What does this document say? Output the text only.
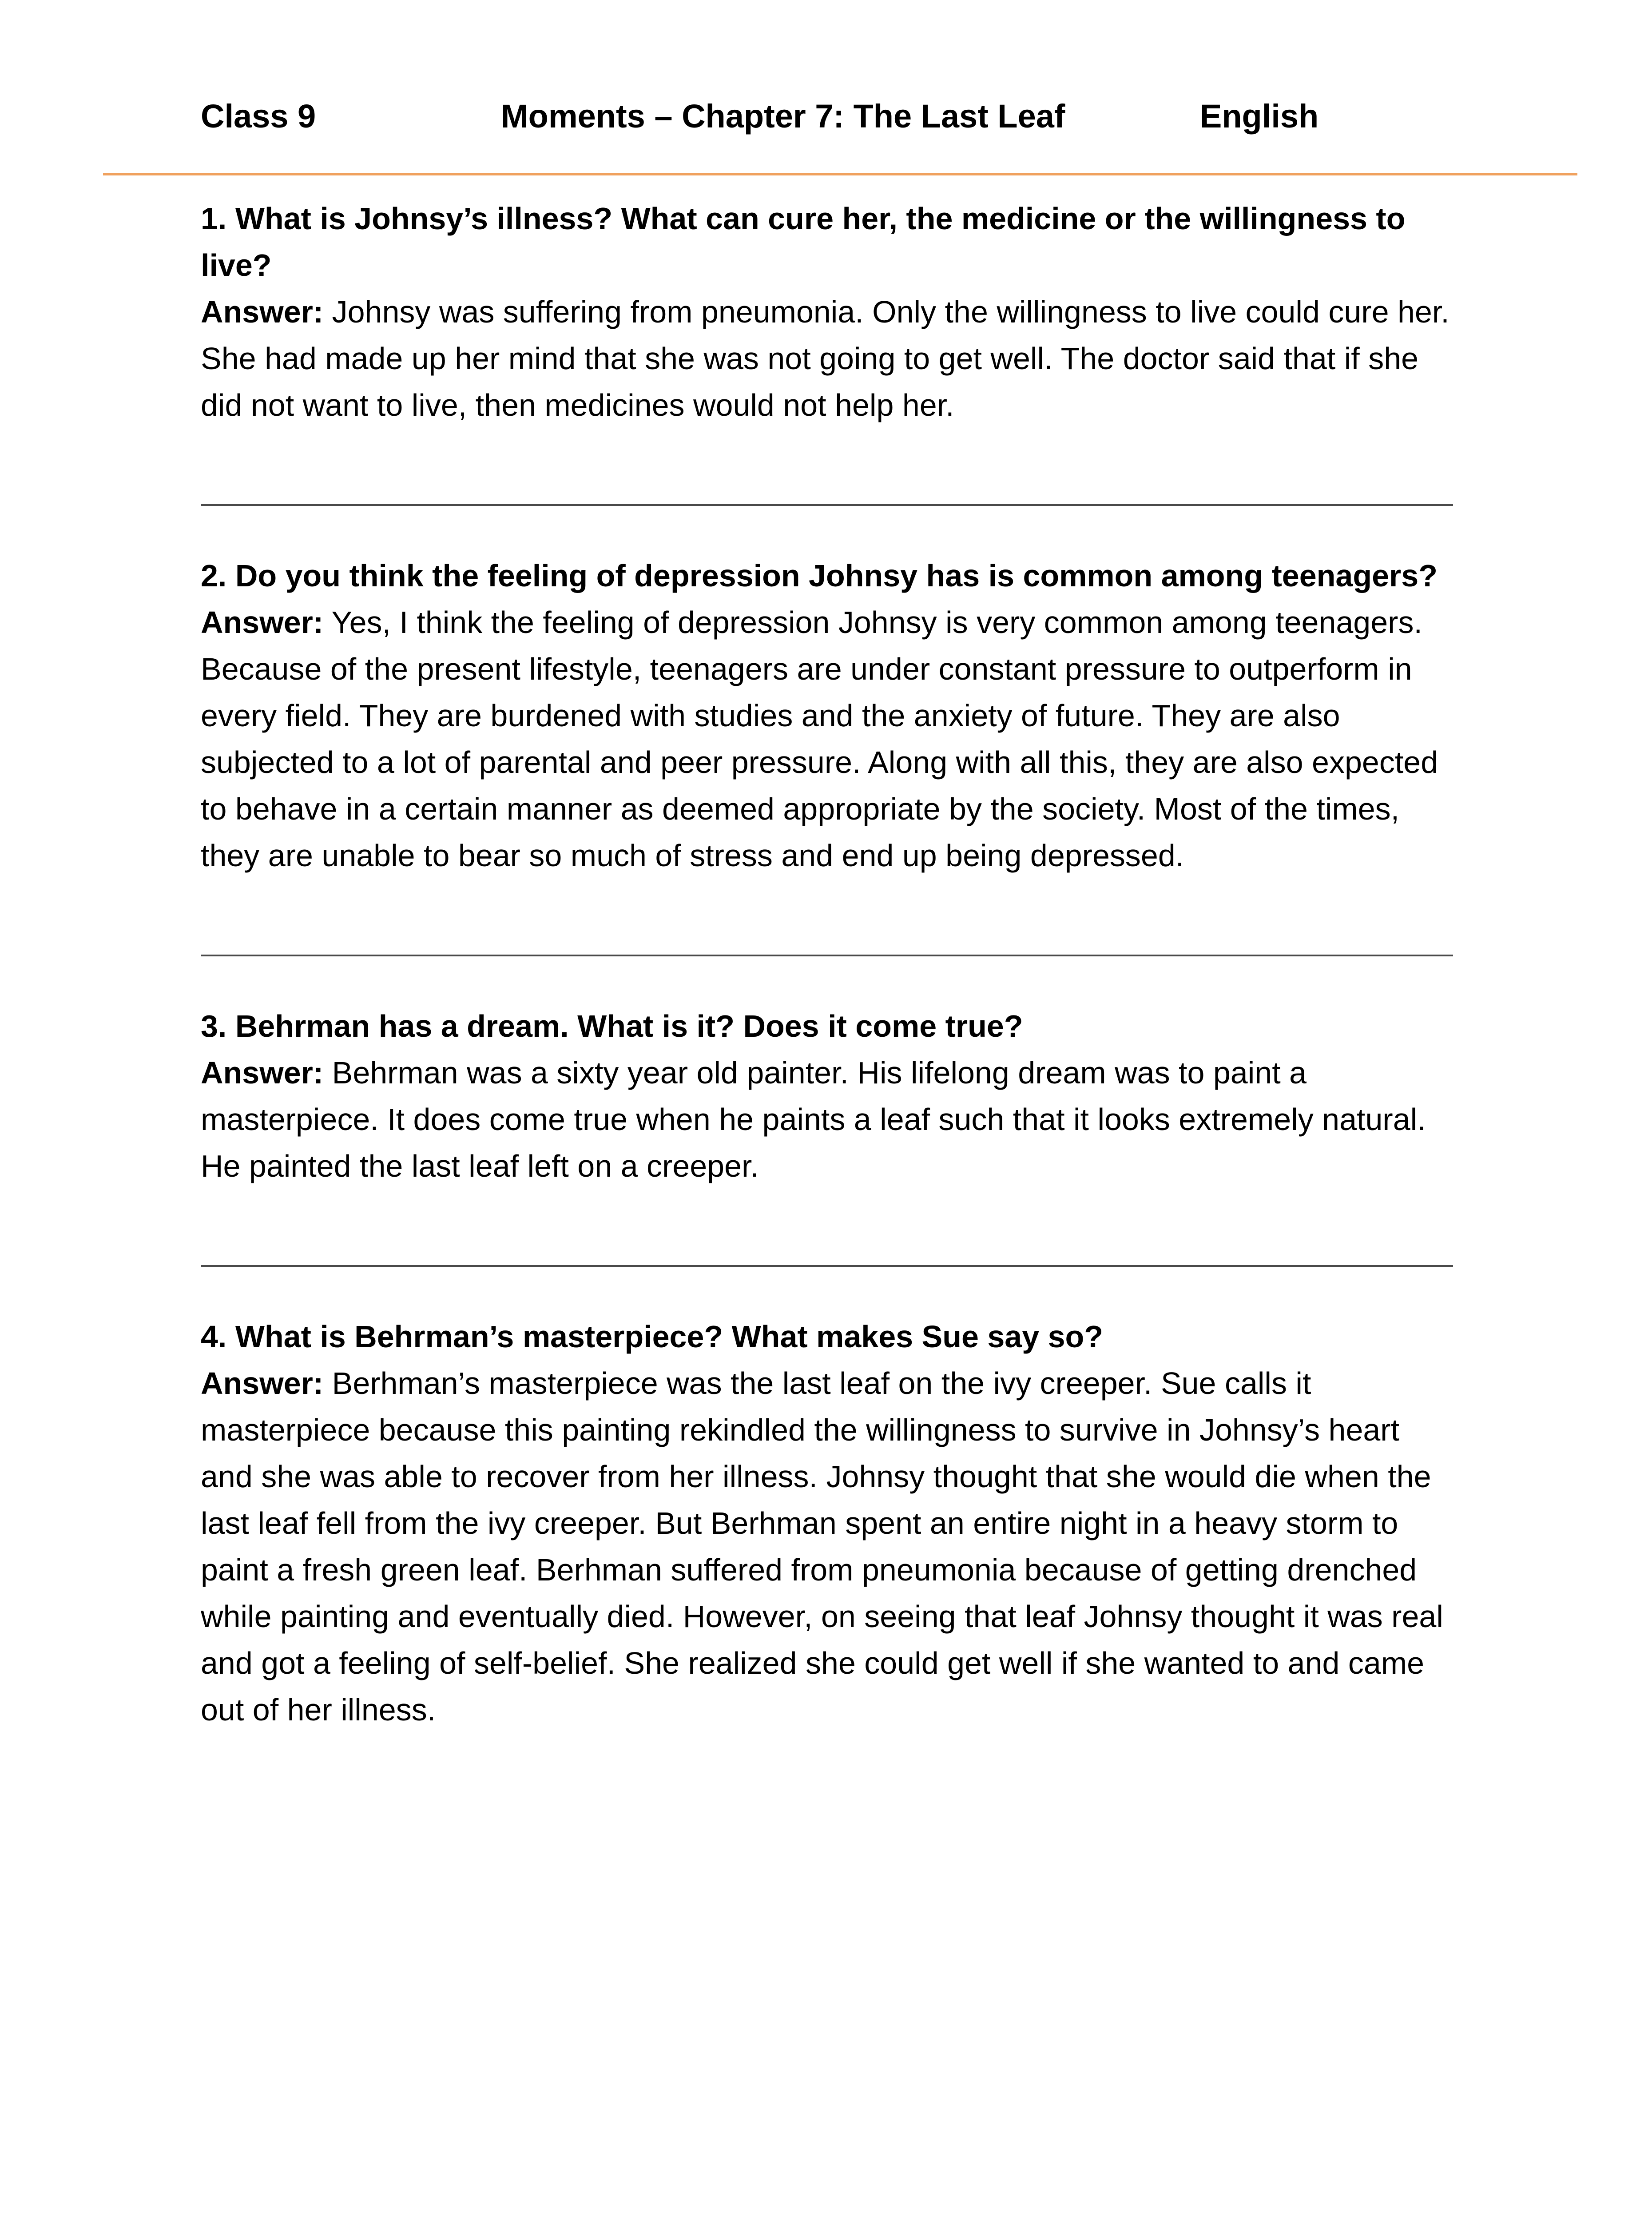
Class 9	Moments – Chapter 7: The Last Leaf	English

1. What is Johnsy’s illness? What can cure her, the medicine or the willingness to live?

Answer: Johnsy was suffering from pneumonia. Only the willingness to live could cure her. She had made up her mind that she was not going to get well. The doctor said that if she did not want to live, then medicines would not help her.

2. Do you think the feeling of depression Johnsy has is common among teenagers?

Answer: Yes, I think the feeling of depression Johnsy is very common among teenagers. Because of the present lifestyle, teenagers are under constant pressure to outperform in every field. They are burdened with studies and the anxiety of future. They are also subjected to a lot of parental and peer pressure. Along with all this, they are also expected to behave in a certain manner as deemed appropriate by the society. Most of the times, they are unable to bear so much of stress and end up being depressed.

3. Behrman has a dream. What is it? Does it come true?

Answer: Behrman was a sixty year old painter. His lifelong dream was to paint a masterpiece. It does come true when he paints a leaf such that it looks extremely natural. He painted the last leaf left on a creeper.

4. What is Behrman’s masterpiece? What makes Sue say so?

Answer: Berhman’s masterpiece was the last leaf on the ivy creeper. Sue calls it masterpiece because this painting rekindled the willingness to survive in Johnsy’s heart and she was able to recover from her illness. Johnsy thought that she would die when the last leaf fell from the ivy creeper. But Berhman spent an entire night in a heavy storm to paint a fresh green leaf. Berhman suffered from pneumonia because of getting drenched while painting and eventually died. However, on seeing that leaf Johnsy thought it was real and got a feeling of self-belief. She realized she could get well if she wanted to and came out of her illness.
